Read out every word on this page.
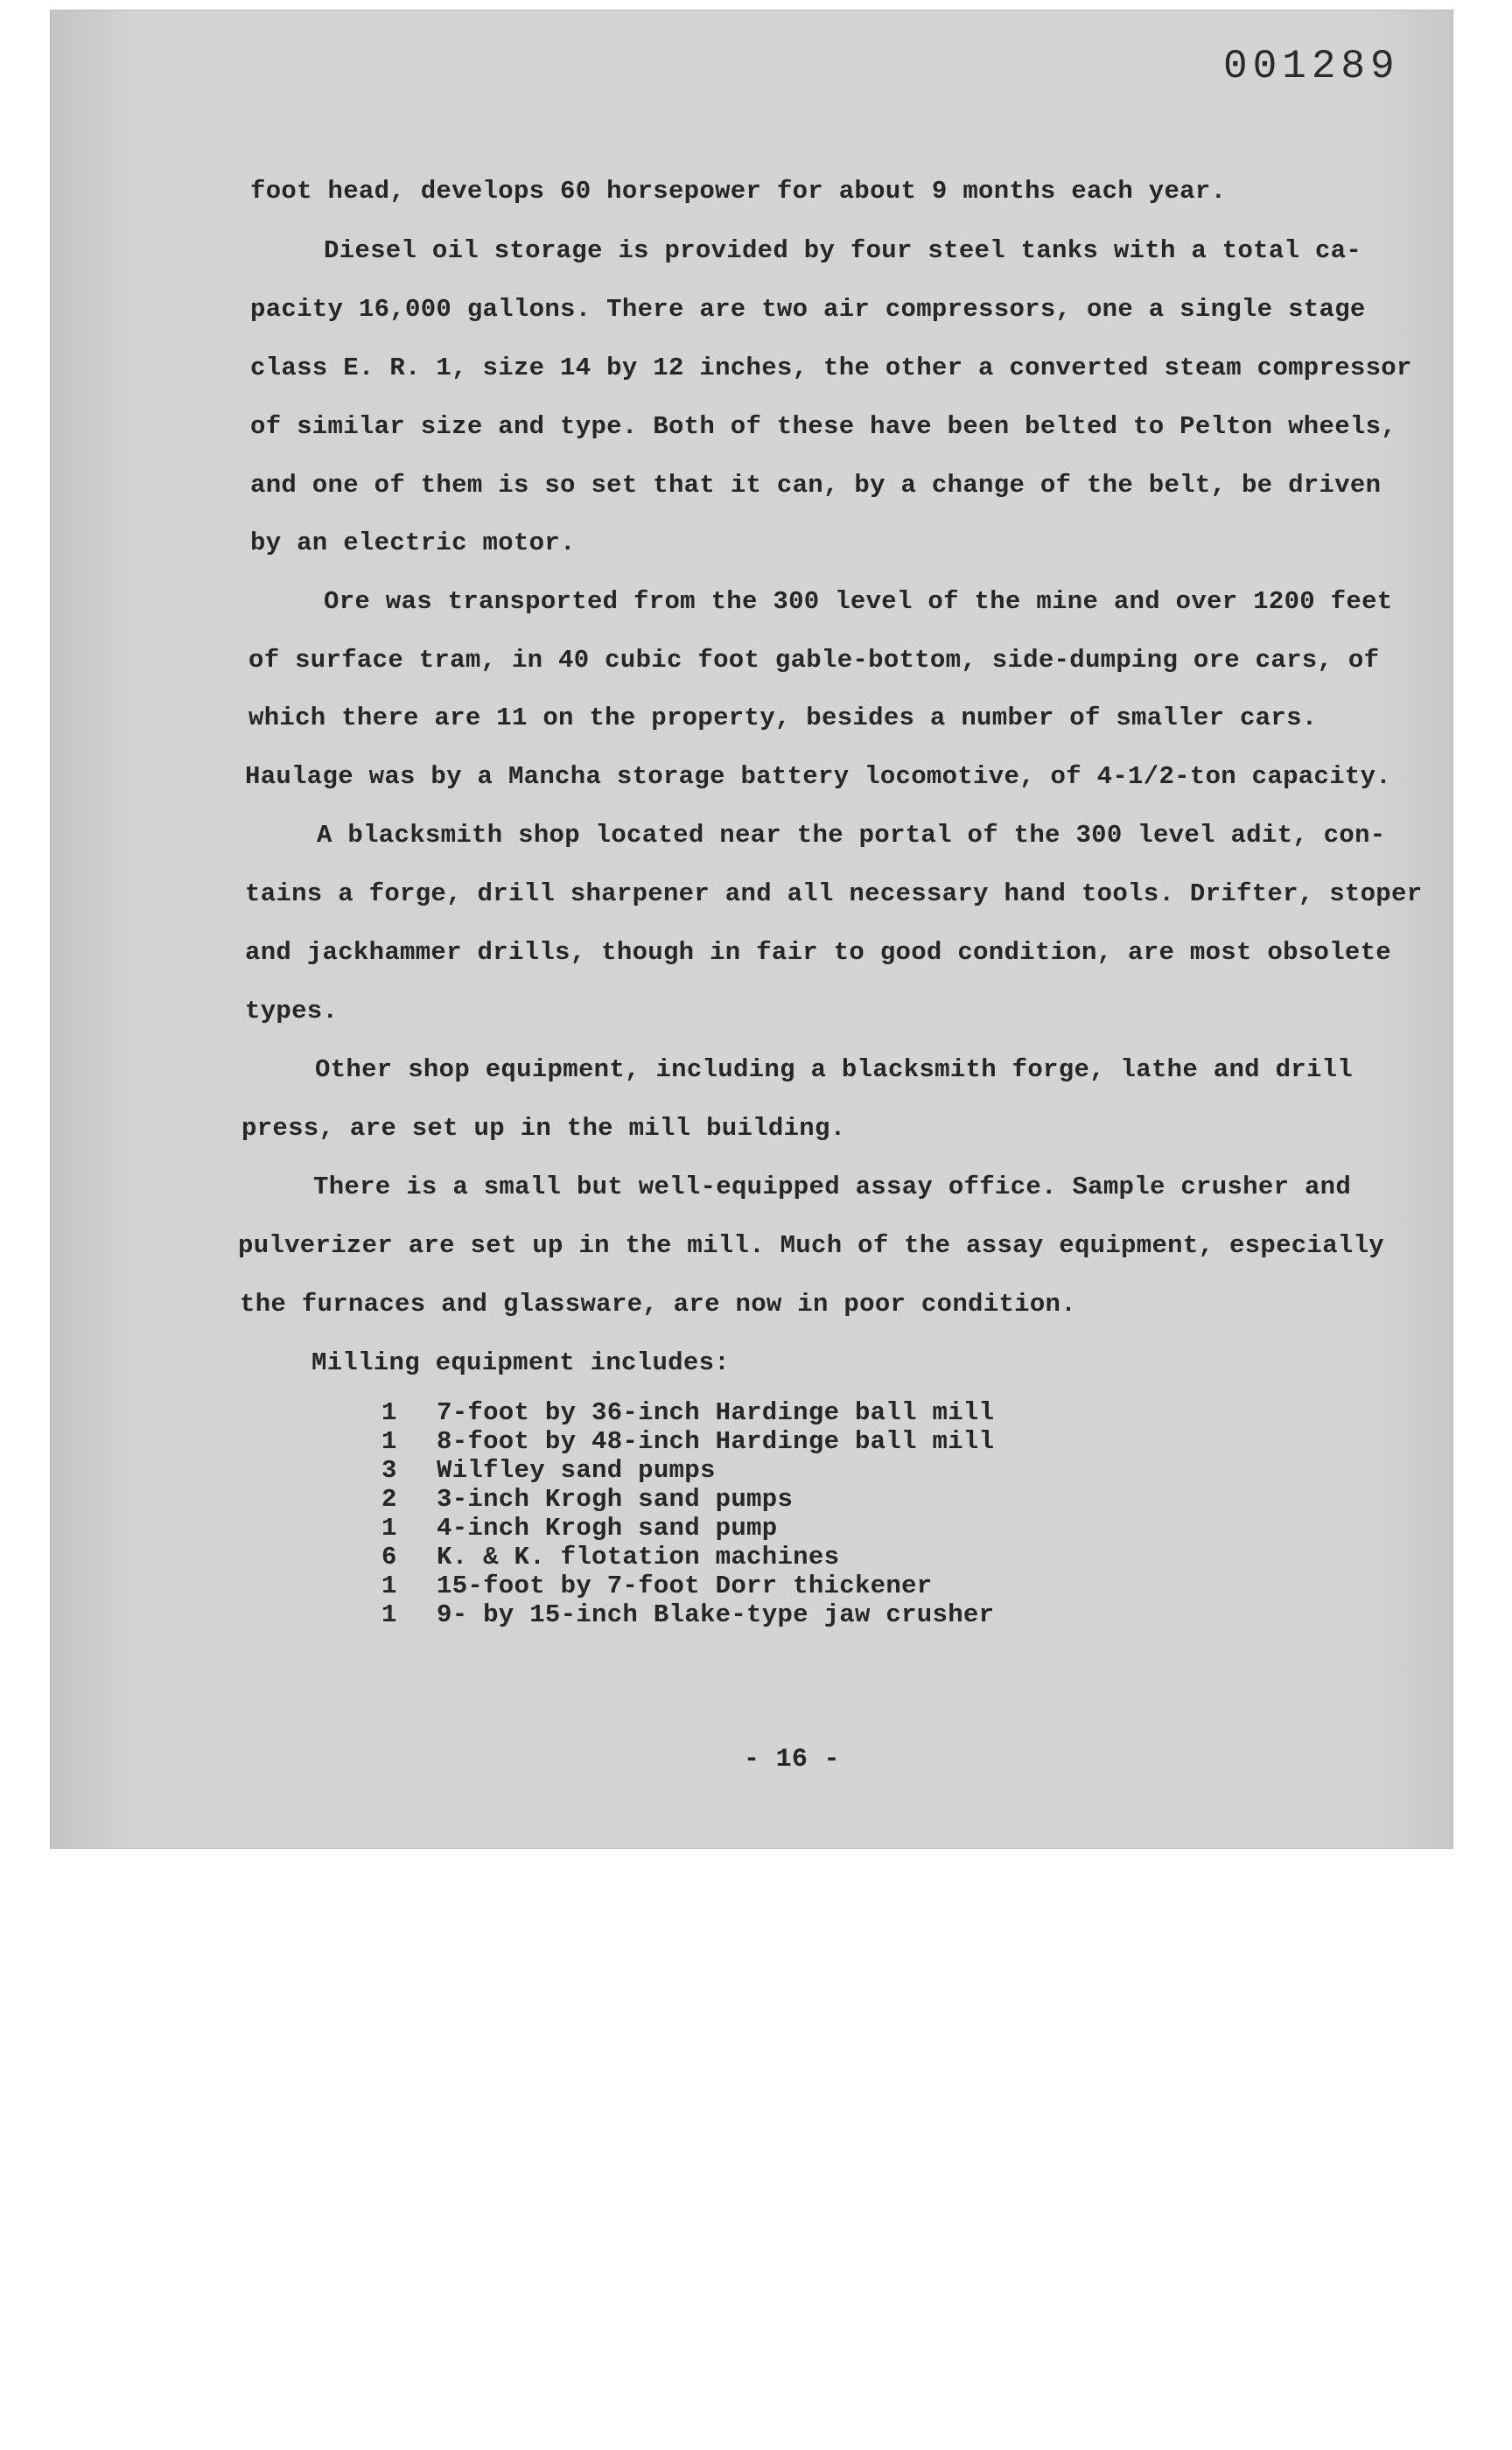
001289
foot head, develops 60 horsepower for about 9 months each year.
Diesel oil storage is provided by four steel tanks with a total ca-
pacity 16,000 gallons. There are two air compressors, one a single stage
class E. R. 1, size 14 by 12 inches, the other a converted steam compressor
of similar size and type. Both of these have been belted to Pelton wheels,
and one of them is so set that it can, by a change of the belt, be driven
by an electric motor.
Ore was transported from the 300 level of the mine and over 1200 feet
of surface tram, in 40 cubic foot gable-bottom, side-dumping ore cars, of
which there are 11 on the property, besides a number of smaller cars.
Haulage was by a Mancha storage battery locomotive, of 4-1/2-ton capacity.
A blacksmith shop located near the portal of the 300 level adit, con-
tains a forge, drill sharpener and all necessary hand tools. Drifter, stoper
and jackhammer drills, though in fair to good condition, are most obsolete
types.
Other shop equipment, including a blacksmith forge, lathe and drill
press, are set up in the mill building.
There is a small but well-equipped assay office. Sample crusher and
pulverizer are set up in the mill. Much of the assay equipment, especially
the furnaces and glassware, are now in poor condition.
Milling equipment includes:
1	7-foot by 36-inch Hardinge ball mill
1	8-foot by 48-inch Hardinge ball mill
3	Wilfley sand pumps
2	3-inch Krogh sand pumps
1	4-inch Krogh sand pump
6	K. & K. flotation machines
1	15-foot by 7-foot Dorr thickener
1	9- by 15-inch Blake-type jaw crusher
- 16 -
